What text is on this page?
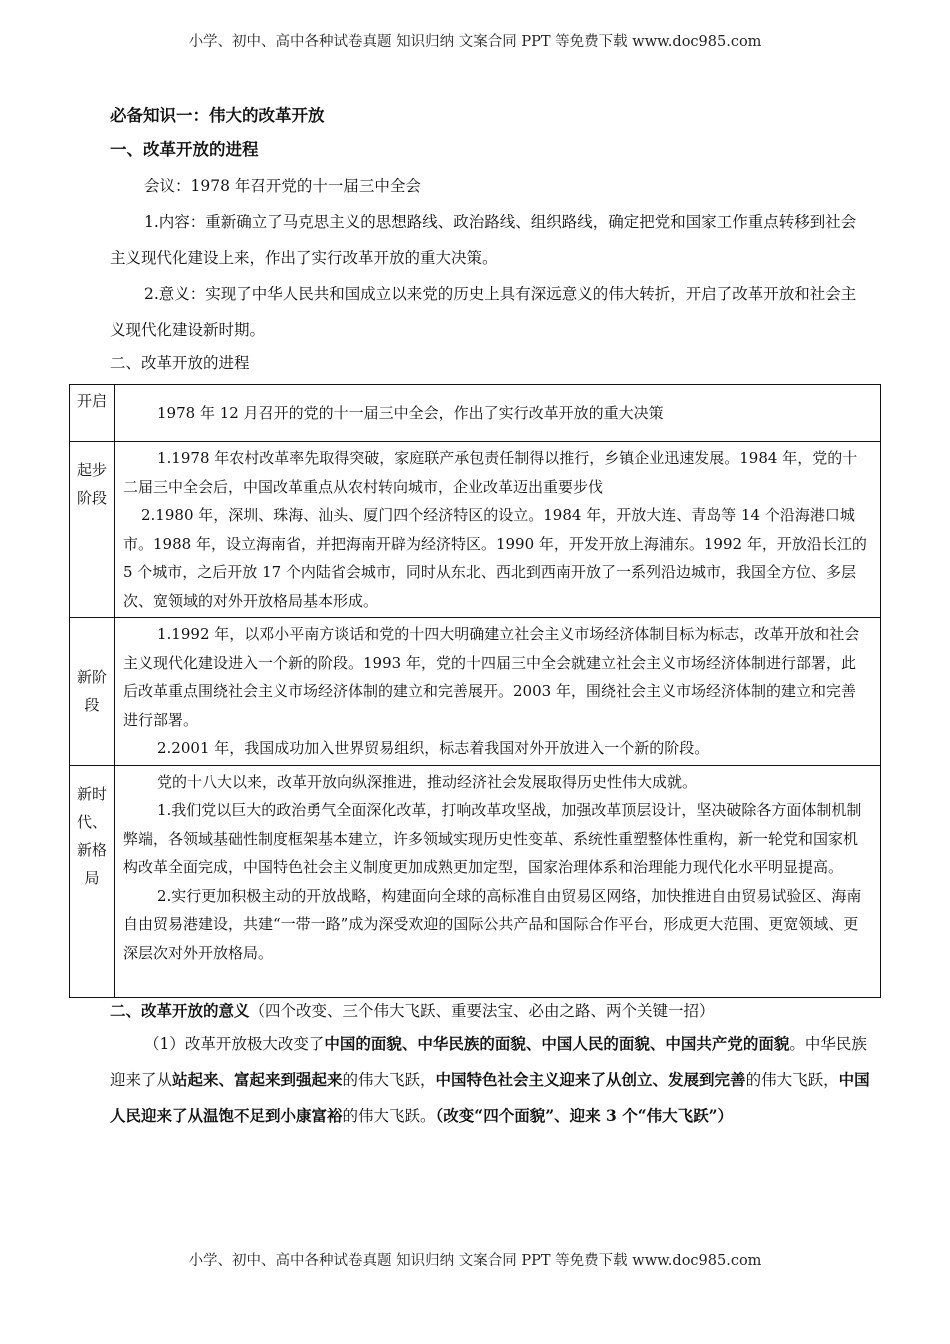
小学、初中、高中各种试卷真题 知识归纳 文案合同 PPT 等免费下载 www.doc985.com
必备知识一：伟大的改革开放
一、改革开放的进程

会议：1978 年召开党的十一届三中全会

1.内容：重新确立了马克思主义的思想路线、政治路线、组织路线，确定把党和国家工作重点转移到社会主义现代化建设上来，作出了实行改革开放的重大决策。

2.意义：实现了中华人民共和国成立以来党的历史上具有深远意义的伟大转折，开启了改革开放和社会主义现代化建设新时期。

二、改革开放的进程

开启	1978 年 12 月召开的党的十一届三中全会，作出了实行改革开放的重大决策

起步阶段	1.1978 年农村改革率先取得突破，家庭联产承包责任制得以推行，乡镇企业迅速发展。1984 年，党的十二届三中全会后，中国改革重点从农村转向城市，企业改革迈出重要步伐

2.1980 年，深圳、珠海、汕头、厦门四个经济特区的设立。1984 年，开放大连、青岛等 14 个沿海港口城市。1988 年，设立海南省，并把海南开辟为经济特区。1990 年，开发开放上海浦东。1992 年，开放沿长江的 5 个城市，之后开放 17 个内陆省会城市，同时从东北、西北到西南开放了一系列沿边城市，我国全方位、多层次、宽领域的对外开放格局基本形成。

新阶段	1.1992 年，以邓小平南方谈话和党的十四大明确建立社会主义市场经济体制目标为标志，改革开放和社会主义现代化建设进入一个新的阶段。1993 年，党的十四届三中全会就建立社会主义市场经济体制进行部署，此后改革重点围绕社会主义市场经济体制的建立和完善展开。2003 年，围绕社会主义市场经济体制的建立和完善进行部署。

2.2001 年，我国成功加入世界贸易组织，标志着我国对外开放进入一个新的阶段。

新时代、新格局	党的十八大以来，改革开放向纵深推进，推动经济社会发展取得历史性伟大成就。

1.我们党以巨大的政治勇气全面深化改革，打响改革攻坚战，加强改革顶层设计，坚决破除各方面体制机制弊端，各领域基础性制度框架基本建立，许多领域实现历史性变革、系统性重塑整体性重构，新一轮党和国家机构改革全面完成，中国特色社会主义制度更加成熟更加定型，国家治理体系和治理能力现代化水平明显提高。

2.实行更加积极主动的开放战略，构建面向全球的高标准自由贸易区网络，加快推进自由贸易试验区、海南自由贸易港建设，共建“一带一路”成为深受欢迎的国际公共产品和国际合作平台，形成更大范围、更宽领域、更深层次对外开放格局。

二、改革开放的意义（四个改变、三个伟大飞跃、重要法宝、必由之路、两个关键一招）

（1）改革开放极大改变了中国的面貌、中华民族的面貌、中国人民的面貌、中国共产党的面貌。中华民族迎来了从站起来、富起来到强起来的伟大飞跃，中国特色社会主义迎来了从创立、发展到完善的伟大飞跃，中国人民迎来了从温饱不足到小康富裕的伟大飞跃。（改变“四个面貌”、迎来 3 个“伟大飞跃”）

小学、初中、高中各种试卷真题 知识归纳 文案合同 PPT 等免费下载 www.doc985.com
